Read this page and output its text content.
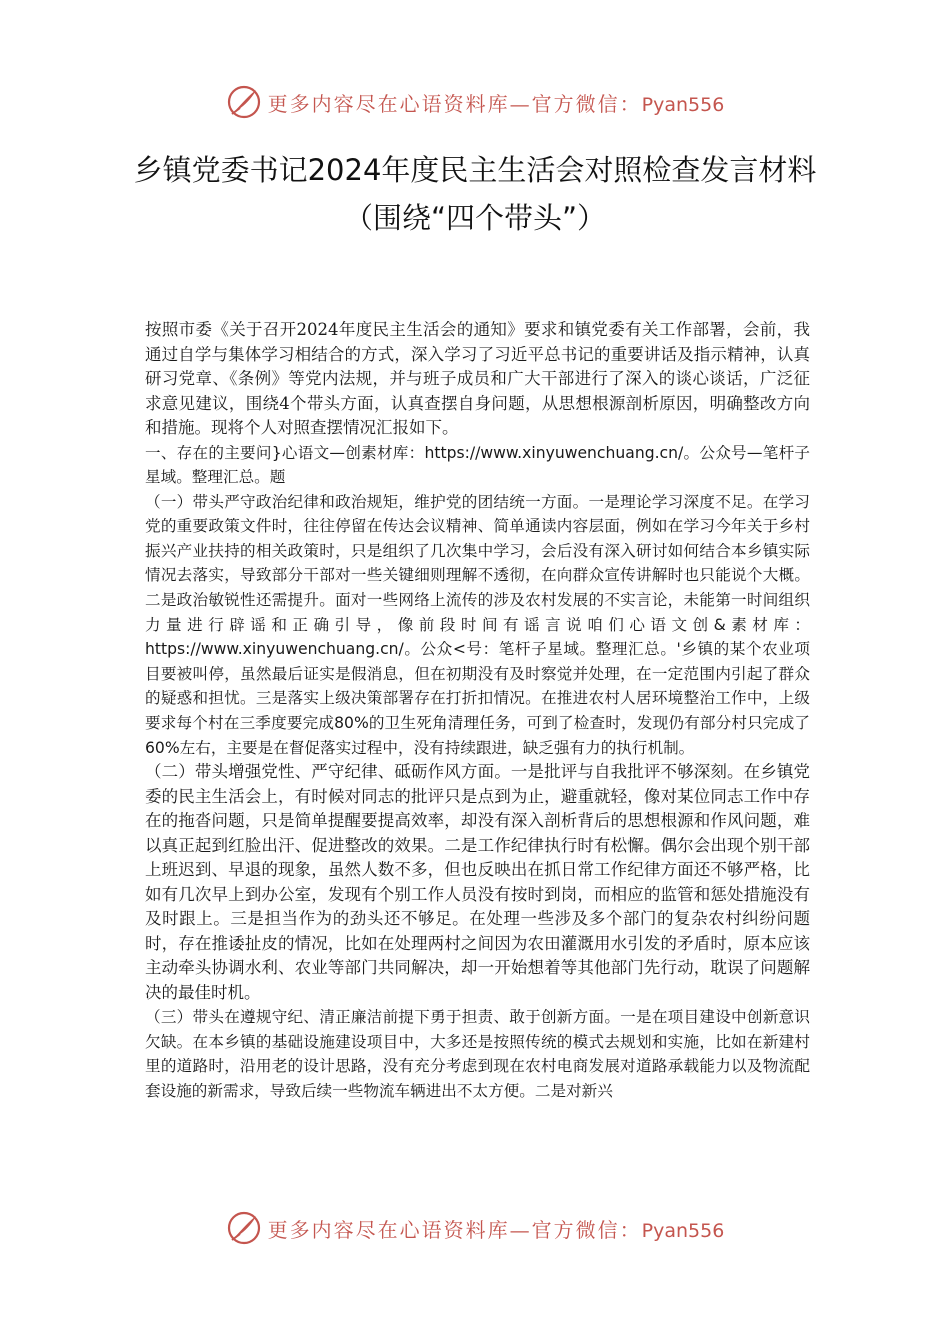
更多内容尽在心语资料库—官方微信：Pyan556
乡镇党委书记2024年度民主生活会对照检查发言材料（围绕“四个带头”）

按照市委《关于召开2024年度民主生活会的通知》要求和镇党委有关工作部署，会前，我通过自学与集体学习相结合的方式，深入学习了习近平总书记的重要讲话及指示精神，认真研习党章、《条例》等党内法规，并与班子成员和广大干部进行了深入的谈心谈话，广泛征求意见建议，围绕4个带头方面，认真查摆自身问题，从思想根源剖析原因，明确整改方向和措施。现将个人对照查摆情况汇报如下。

一、存在的主要问}心语文—创素材库：https://www.xinyuwenchuang.cn/。公众号—笔杆子星域。整理汇总。题

（一）带头严守政治纪律和政治规矩，维护党的团结统一方面。一是理论学习深度不足。在学习党的重要政策文件时，往往停留在传达会议精神、简单通读内容层面，例如在学习今年关于乡村振兴产业扶持的相关政策时，只是组织了几次集中学习，会后没有深入研讨如何结合本乡镇实际情况去落实，导致部分干部对一些关键细则理解不透彻，在向群众宣传讲解时也只能说个大概。二是政治敏锐性还需提升。面对一些网络上流传的涉及农村发展的不实言论，未能第一时间组织力量进行辟谣和正确引导，像前段时间有谣言说咱们心语文创&素材库：https://www.xinyuwenchuang.cn/。公众<号：笔杆子星域。整理汇总。'乡镇的某个农业项目要被叫停，虽然最后证实是假消息，但在初期没有及时察觉并处理，在一定范围内引起了群众的疑惑和担忧。三是落实上级决策部署存在打折扣情况。在推进农村人居环境整治工作中，上级要求每个村在三季度要完成80%的卫生死角清理任务，可到了检查时，发现仍有部分村只完成了60%左右，主要是在督促落实过程中，没有持续跟进，缺乏强有力的执行机制。

（二）带头增强党性、严守纪律、砥砺作风方面。一是批评与自我批评不够深刻。在乡镇党委的民主生活会上，有时候对同志的批评只是点到为止，避重就轻，像对某位同志工作中存在的拖沓问题，只是简单提醒要提高效率，却没有深入剖析背后的思想根源和作风问题，难以真正起到红脸出汗、促进整改的效果。二是工作纪律执行时有松懈。偶尔会出现个别干部上班迟到、早退的现象，虽然人数不多，但也反映出在抓日常工作纪律方面还不够严格，比如有几次早上到办公室，发现有个别工作人员没有按时到岗，而相应的监管和惩处措施没有及时跟上。三是担当作为的劲头还不够足。在处理一些涉及多个部门的复杂农村纠纷问题时，存在推诿扯皮的情况，比如在处理两村之间因为农田灌溉用水引发的矛盾时，原本应该主动牵头协调水利、农业等部门共同解决，却一开始想着等其他部门先行动，耽误了问题解决的最佳时机。

（三）带头在遵规守纪、清正廉洁前提下勇于担责、敢于创新方面。一是在项目建设中创新意识欠缺。在本乡镇的基础设施建设项目中，大多还是按照传统的模式去规划和实施，比如在新建村里的道路时，沿用老的设计思路，没有充分考虑到现在农村电商发展对道路承载能力以及物流配套设施的新需求，导致后续一些物流车辆进出不太方便。二是对新兴

更多内容尽在心语资料库—官方微信：Pyan556
